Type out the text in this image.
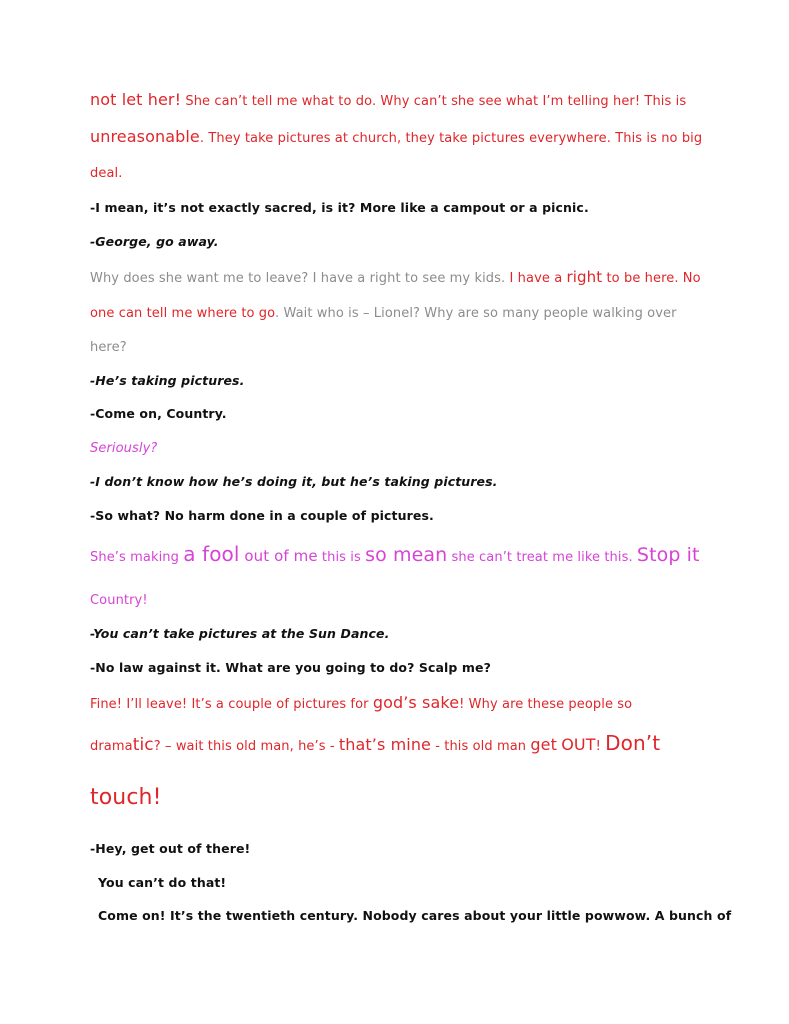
not let her! She can’t tell me what to do. Why can’t she see what I’m telling her! This is
unreasonable. They take pictures at church, they take pictures everywhere. This is no big
deal.
-I mean, it’s not exactly sacred, is it? More like a campout or a picnic.
-George, go away.
Why does she want me to leave? I have a right to see my kids. I have a right to be here. No
one can tell me where to go. Wait who is – Lionel? Why are so many people walking over
here?
-He’s taking pictures.
-Come on, Country.
Seriously?
-I don’t know how he’s doing it, but he’s taking pictures.
-So what? No harm done in a couple of pictures.
She’s making a fool out of me this is so mean she can’t treat me like this. Stop it
Country!
-You can’t take pictures at the Sun Dance.
-No law against it. What are you going to do? Scalp me?
Fine! I’ll leave! It’s a couple of pictures for god’s sake! Why are these people so
dramatic? – wait this old man, he’s - that’s mine - this old man get OUT! Don’t
touch!
-Hey, get out of there!
You can’t do that!
Come on! It’s the twentieth century. Nobody cares about your little powwow. A bunch of
